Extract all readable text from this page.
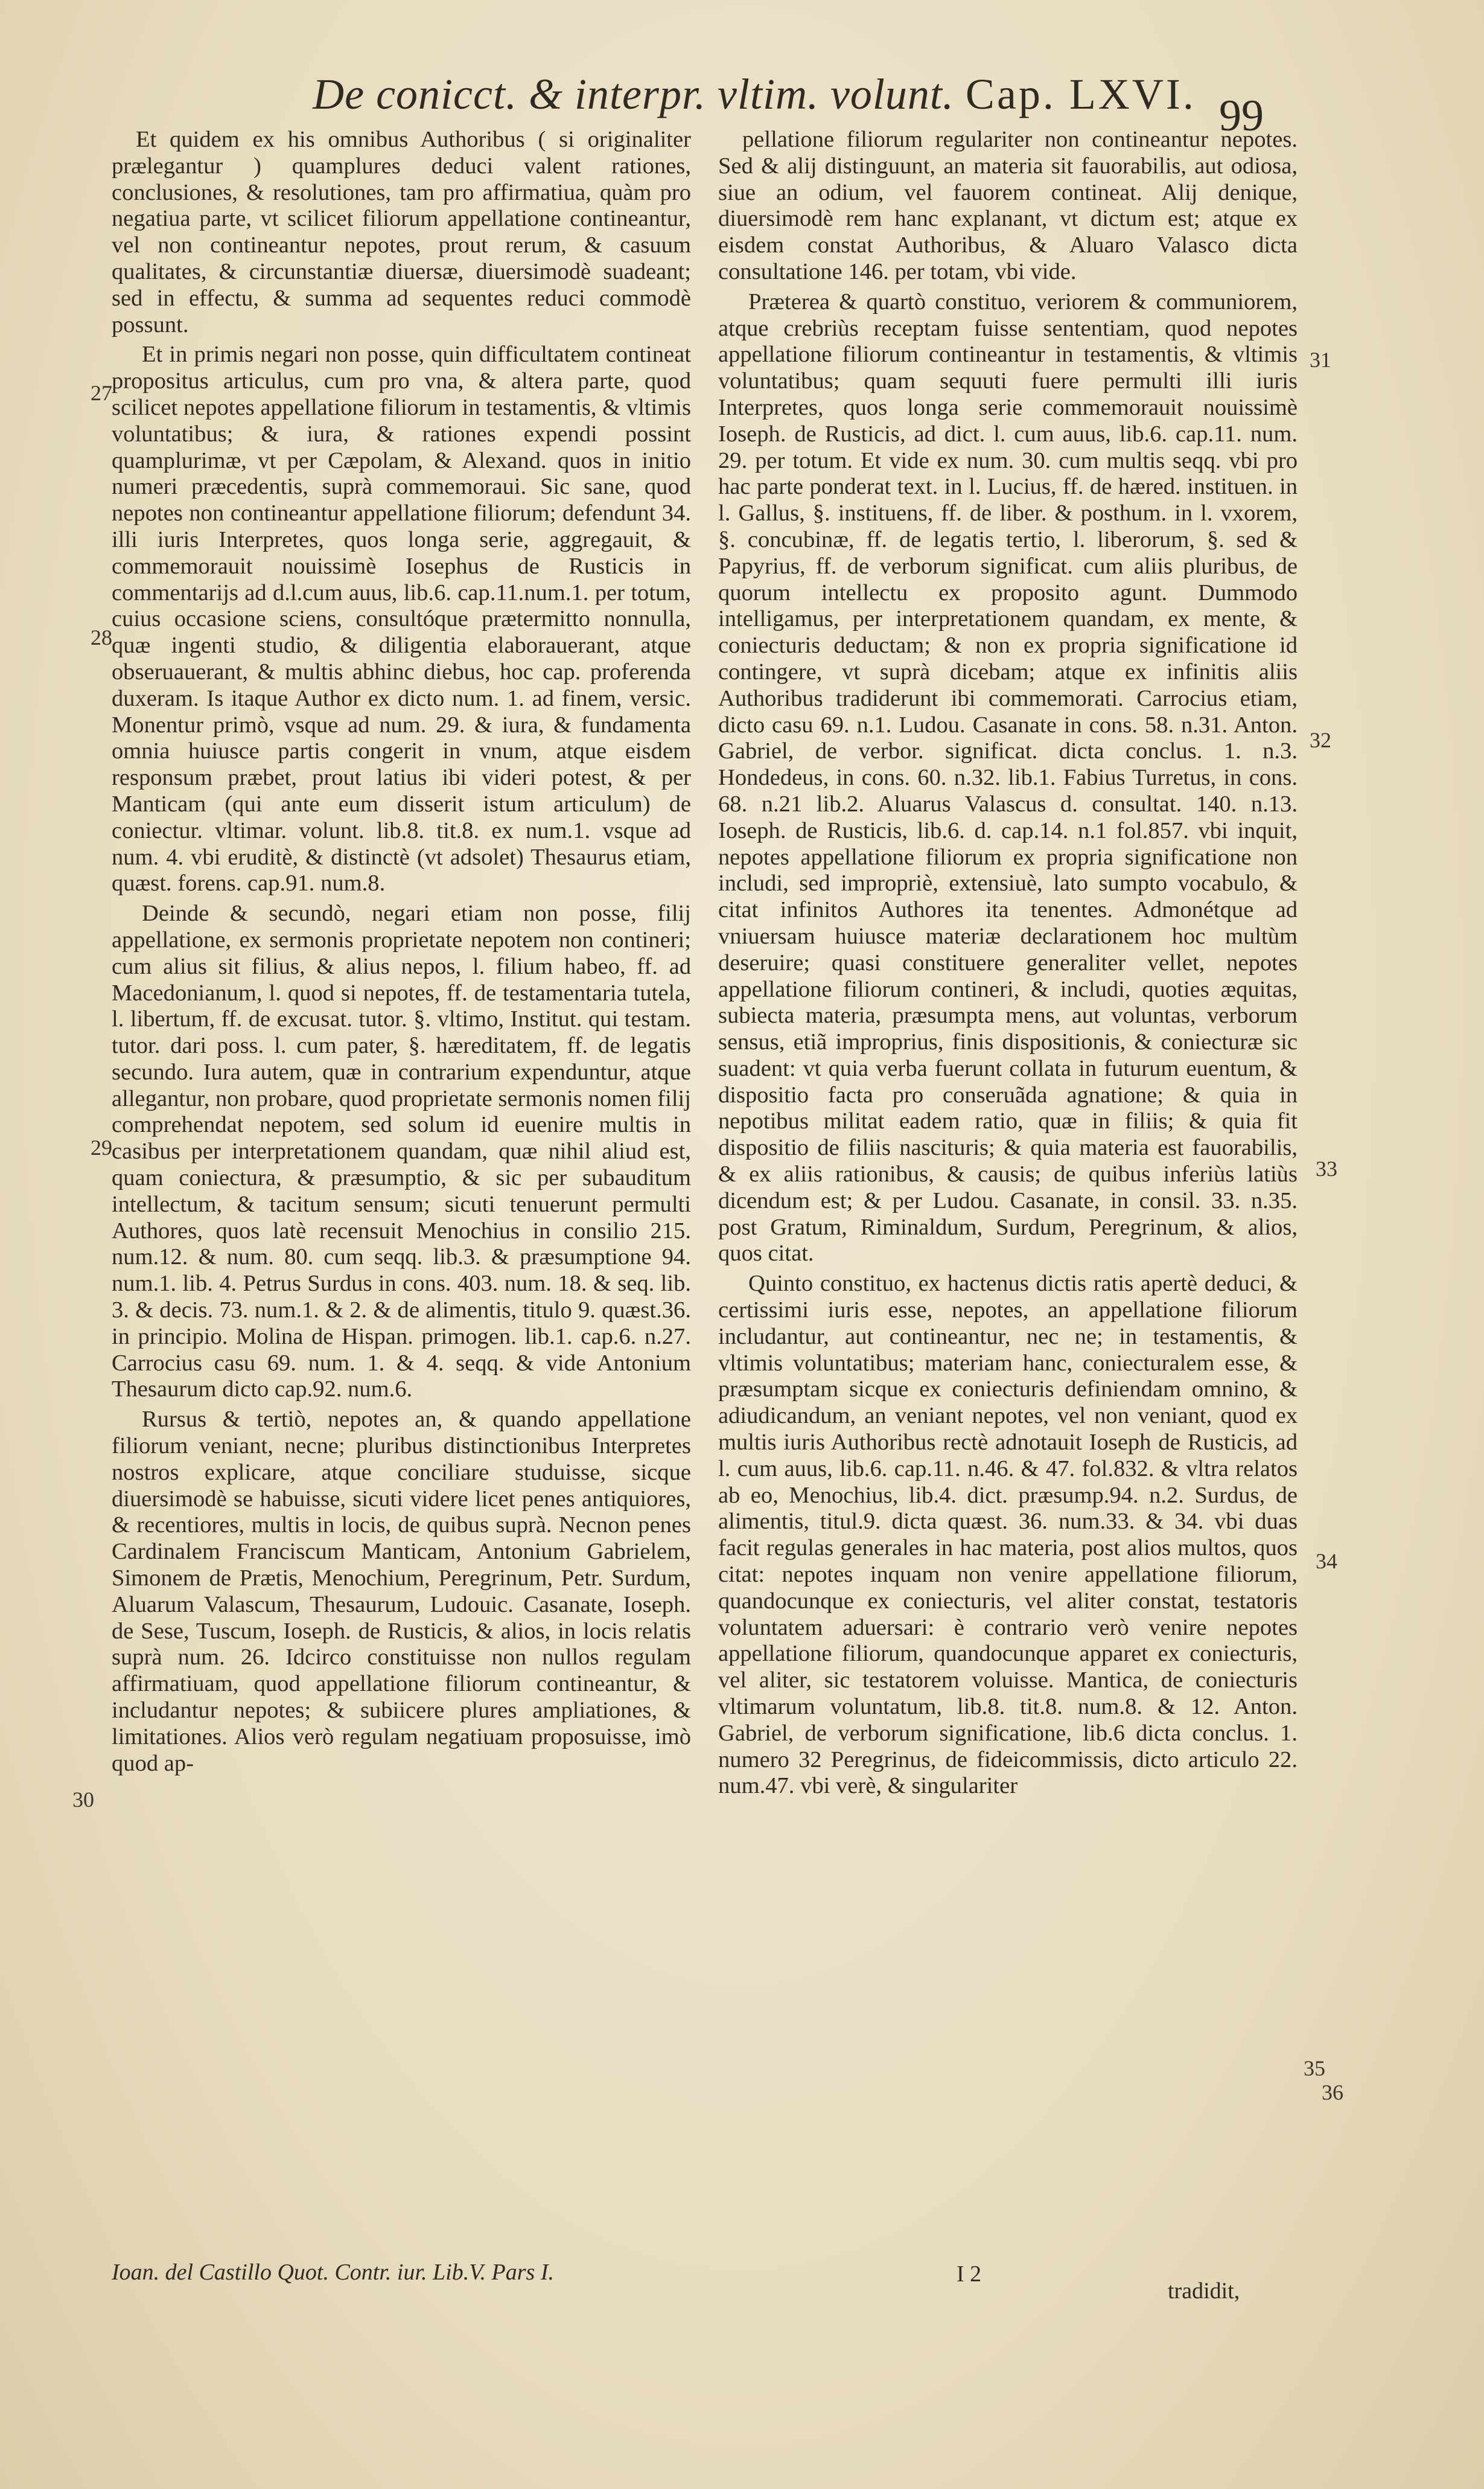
De conicct. & interpr. vltim. volunt. Cap. LXVI. 99

Et quidem ex his omnibus Authoribus ( si originaliter prælegantur ) quamplures deduci valent rationes, conclusiones, & resolutiones, tam pro affirmatiua, quàm pro negatiua parte, vt scilicet filiorum appellatione contineantur, vel non contineantur nepotes, prout rerum, & casuum qualitates, & circunstantiæ diuersæ, diuersimodè suadeant; sed in effectu, & summa ad sequentes reduci commodè possunt.

Et in primis negari non posse, quin difficultatem contineat propositus articulus, cum pro vna, & altera parte, quod scilicet nepotes appellatione filiorum in testamentis, & vltimis voluntatibus; & iura, & rationes expendi possint quamplurimæ, vt per Cæpolam, & Alexand. quos in initio numeri præcedentis, suprà commemoraui. Sic sane, quod nepotes non contineantur appellatione filiorum; defendunt 34. illi iuris Interpretes, quos longa serie, aggregauit, & commemorauit nouissimè Iosephus de Rusticis in commentarijs ad d.l.cum auus, lib.6. cap.11.num.1. per totum, cuius occasione sciens, consultóque prætermitto nonnulla, quæ ingenti studio, & diligentia elaborauerant, atque obseruauerant, & multis abhinc diebus, hoc cap. proferenda duxeram. Is itaque Author ex dicto num. 1. ad finem, versic. Monentur primò, vsque ad num. 29. & iura, & fundamenta omnia huiusce partis congerit in vnum, atque eisdem responsum præbet, prout latius ibi videri potest, & per Manticam (qui ante eum disserit istum articulum) de coniectur. vltimar. volunt. lib.8. tit.8. ex num.1. vsque ad num. 4. vbi eruditè, & distinctè (vt adsolet) Thesaurus etiam, quæst. forens. cap.91. num.8.

Deinde & secundò, negari etiam non posse, filij appellatione, ex sermonis proprietate nepotem non contineri; cum alius sit filius, & alius nepos, l. filium habeo, ff. ad Macedonianum, l. quod si nepotes, ff. de testamentaria tutela, l. libertum, ff. de excusat. tutor. §. vltimo, Institut. qui testam. tutor. dari poss. l. cum pater, §. hæreditatem, ff. de legatis secundo. Iura autem, quæ in contrarium expenduntur, atque allegantur, non probare, quod proprietate sermonis nomen filij comprehendat nepotem, sed solum id euenire multis in casibus per interpretationem quandam, quæ nihil aliud est, quam coniectura, & præsumptio, & sic per subauditum intellectum, & tacitum sensum; sicuti tenuerunt permulti Authores, quos latè recensuit Menochius in consilio 215. num.12. & num. 80. cum seqq. lib.3. & præsumptione 94. num.1. lib. 4. Petrus Surdus in cons. 403. num. 18. & seq. lib. 3. & decis. 73. num.1. & 2. & de alimentis, titulo 9. quæst.36. in principio. Molina de Hispan. primogen. lib.1. cap.6. n.27. Carrocius casu 69. num. 1. & 4. seqq. & vide Antonium Thesaurum dicto cap.92. num.6.

Rursus & tertiò, nepotes an, & quando appellatione filiorum veniant, necne; pluribus distinctionibus Interpretes nostros explicare, atque conciliare studuisse, sicque diuersimodè se habuisse, sicuti videre licet penes antiquiores, & recentiores, multis in locis, de quibus suprà. Necnon penes Cardinalem Franciscum Manticam, Antonium Gabrielem, Simonem de Prætis, Menochium, Peregrinum, Petr. Surdum, Aluarum Valascum, Thesaurum, Ludouic. Casanate, Ioseph. de Sese, Tuscum, Ioseph. de Rusticis, & alios, in locis relatis suprà num. 26. Idcirco constituisse non nullos regulam affirmatiuam, quod appellatione filiorum contineantur, & includantur nepotes; & subiicere plures ampliationes, & limitationes. Alios verò regulam negatiuam proposuisse, imò quod ap-

pellatione filiorum regulariter non contineantur nepotes. Sed & alij distinguunt, an materia sit fauorabilis, aut odiosa, siue an odium, vel fauorem contineat. Alij denique, diuersimodè rem hanc explanant, vt dictum est; atque ex eisdem constat Authoribus, & Aluaro Valasco dicta consultatione 146. per totam, vbi vide.

Præterea & quartò constituo, veriorem & communiorem, atque crebriùs receptam fuisse sententiam, quod nepotes appellatione filiorum contineantur in testamentis, & vltimis voluntatibus; quam sequuti fuere permulti illi iuris Interpretes, quos longa serie commemorauit nouissimè Ioseph. de Rusticis, ad dict. l. cum auus, lib.6. cap.11. num. 29. per totum. Et vide ex num. 30. cum multis seqq. vbi pro hac parte ponderat text. in l. Lucius, ff. de hæred. instituen. in l. Gallus, §. instituens, ff. de liber. & posthum. in l. vxorem, §. concubinæ, ff. de legatis tertio, l. liberorum, §. sed & Papyrius, ff. de verborum significat. cum aliis pluribus, de quorum intellectu ex proposito agunt. Dummodo intelligamus, per interpretationem quandam, ex mente, & coniecturis deductam; & non ex propria significatione id contingere, vt suprà dicebam; atque ex infinitis aliis Authoribus tradiderunt ibi commemorati. Carrocius etiam, dicto casu 69. n.1. Ludou. Casanate in cons. 58. n.31. Anton. Gabriel, de verbor. significat. dicta conclus. 1. n.3. Hondedeus, in cons. 60. n.32. lib.1. Fabius Turretus, in cons. 68. n.21 lib.2. Aluarus Valascus d. consultat. 140. n.13. Ioseph. de Rusticis, lib.6. d. cap.14. n.1 fol.857. vbi inquit, nepotes appellatione filiorum ex propria significatione non includi, sed impropriè, extensiuè, lato sumpto vocabulo, & citat infinitos Authores ita tenentes. Admonétque ad vniuersam huiusce materiæ declarationem hoc multùm deseruire; quasi constituere generaliter vellet, nepotes appellatione filiorum contineri, & includi, quoties æquitas, subiecta materia, præsumpta mens, aut voluntas, verborum sensus, etiã improprius, finis dispositionis, & coniecturæ sic suadent: vt quia verba fuerunt collata in futurum euentum, & dispositio facta pro conseruãda agnatione; & quia in nepotibus militat eadem ratio, quæ in filiis; & quia fit dispositio de filiis nascituris; & quia materia est fauorabilis, & ex aliis rationibus, & causis; de quibus inferiùs latiùs dicendum est; & per Ludou. Casanate, in consil. 33. n.35. post Gratum, Riminaldum, Surdum, Peregrinum, & alios, quos citat.

Quinto constituo, ex hactenus dictis ratis apertè deduci, & certissimi iuris esse, nepotes, an appellatione filiorum includantur, aut contineantur, nec ne; in testamentis, & vltimis voluntatibus; materiam hanc, coniecturalem esse, & præsumptam sicque ex coniecturis definiendam omnino, & adiudicandum, an veniant nepotes, vel non veniant, quod ex multis iuris Authoribus rectè adnotauit Ioseph de Rusticis, ad l. cum auus, lib.6. cap.11. n.46. & 47. fol.832. & vltra relatos ab eo, Menochius, lib.4. dict. præsump.94. n.2. Surdus, de alimentis, titul.9. dicta quæst. 36. num.33. & 34. vbi duas facit regulas generales in hac materia, post alios multos, quos citat: nepotes inquam non venire appellatione filiorum, quandocunque ex coniecturis, vel aliter constat, testatoris voluntatem aduersari: è contrario verò venire nepotes appellatione filiorum, quandocunque apparet ex coniecturis, vel aliter, sic testatorem voluisse. Mantica, de coniecturis vltimarum voluntatum, lib.8. tit.8. num.8. & 12. Anton. Gabriel, de verborum significatione, lib.6 dicta conclus. 1. numero 32 Peregrinus, de fideicommissis, dicto articulo 22. num.47. vbi verè, & singulariter

27
28
29
30
31
32
33
34
35
36
Ioan. del Castillo Quot. Contr. iur. Lib.V. Pars I.	I 2
tradidit,
